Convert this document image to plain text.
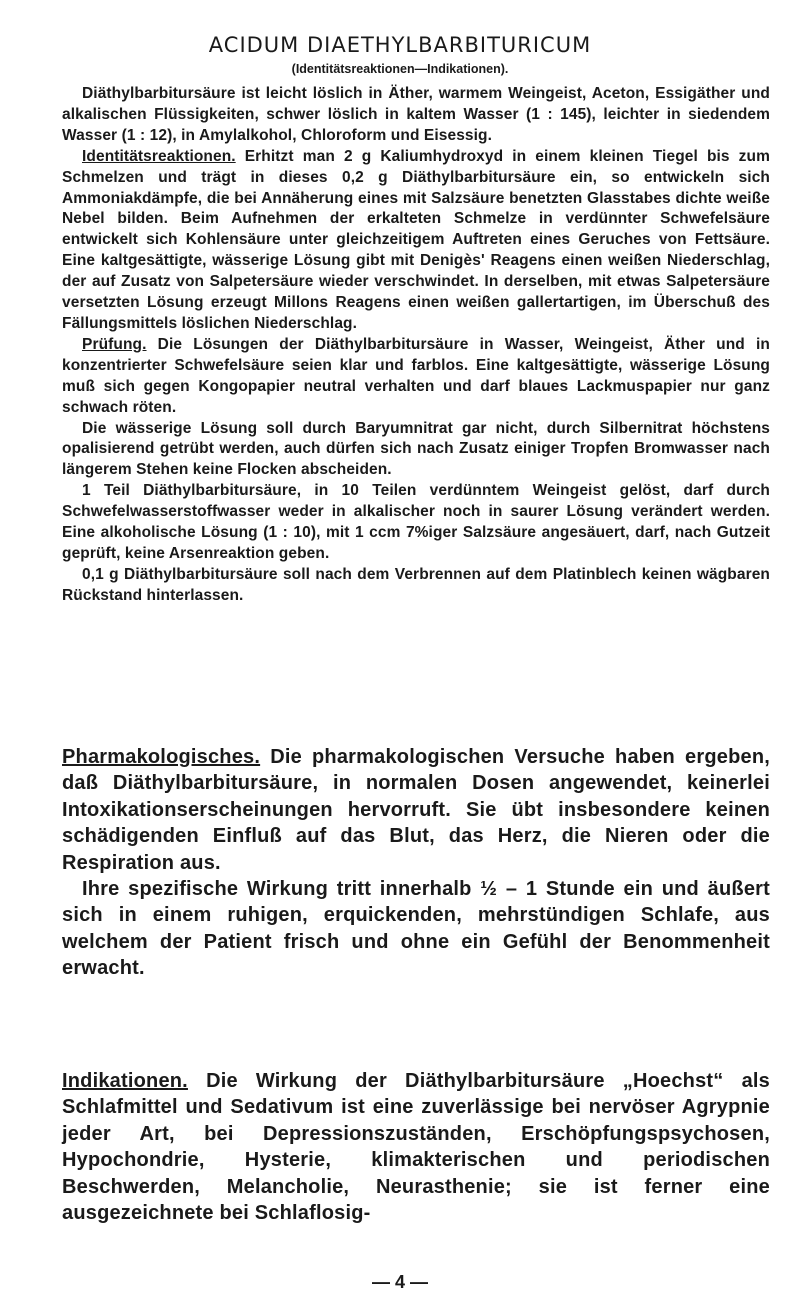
ACIDUM DIAETHYLBARBITURICUM
(Identitätsreaktionen—Indikationen).

Diäthylbarbitursäure ist leicht löslich in Äther, warmem Weingeist, Aceton, Essigäther und alkalischen Flüssigkeiten, schwer löslich in kaltem Wasser (1 : 145), leichter in siedendem Wasser (1 : 12), in Amylalkohol, Chloroform und Eisessig.

Identitätsreaktionen. Erhitzt man 2 g Kaliumhydroxyd in einem kleinen Tiegel bis zum Schmelzen und trägt in dieses 0,2 g Diäthylbarbitursäure ein, so entwickeln sich Ammoniakdämpfe, die bei Annäherung eines mit Salzsäure benetzten Glasstabes dichte weiße Nebel bilden. Beim Aufnehmen der erkalteten Schmelze in verdünnter Schwefelsäure entwickelt sich Kohlensäure unter gleichzeitigem Auftreten eines Geruches von Fettsäure. Eine kaltgesättigte, wässerige Lösung gibt mit Denigès' Reagens einen weißen Niederschlag, der auf Zusatz von Salpetersäure wieder verschwindet. In derselben, mit etwas Salpetersäure versetzten Lösung erzeugt Millons Reagens einen weißen gallertartigen, im Überschuß des Fällungsmittels löslichen Niederschlag.

Prüfung. Die Lösungen der Diäthylbarbitursäure in Wasser, Weingeist, Äther und in konzentrierter Schwefelsäure seien klar und farblos. Eine kaltgesättigte, wässerige Lösung muß sich gegen Kongopapier neutral verhalten und darf blaues Lackmuspapier nur ganz schwach röten.

Die wässerige Lösung soll durch Baryumnitrat gar nicht, durch Silbernitrat höchstens opalisierend getrübt werden, auch dürfen sich nach Zusatz einiger Tropfen Bromwasser nach längerem Stehen keine Flocken abscheiden.

1 Teil Diäthylbarbitursäure, in 10 Teilen verdünntem Weingeist gelöst, darf durch Schwefelwasserstoffwasser weder in alkalischer noch in saurer Lösung verändert werden. Eine alkoholische Lösung (1 : 10), mit 1 ccm 7%iger Salzsäure angesäuert, darf, nach Gutzeit geprüft, keine Arsenreaktion geben.

0,1 g Diäthylbarbitursäure soll nach dem Verbrennen auf dem Platinblech keinen wägbaren Rückstand hinterlassen.

Pharmakologisches. Die pharmakologischen Versuche haben ergeben, daß Diäthylbarbitursäure, in normalen Dosen angewendet, keinerlei Intoxikationserscheinungen hervorruft. Sie übt insbesondere keinen schädigenden Einfluß auf das Blut, das Herz, die Nieren oder die Respiration aus.

Ihre spezifische Wirkung tritt innerhalb ½ – 1 Stunde ein und äußert sich in einem ruhigen, erquickenden, mehrstündigen Schlafe, aus welchem der Patient frisch und ohne ein Gefühl der Benommenheit erwacht.

Indikationen. Die Wirkung der Diäthylbarbitursäure „Hoechst“ als Schlafmittel und Sedativum ist eine zuverlässige bei nervöser Agrypnie jeder Art, bei Depressionszuständen, Erschöpfungspsychosen, Hypochondrie, Hysterie, klimakterischen und periodischen Beschwerden, Melancholie, Neurasthenie; sie ist ferner eine ausgezeichnete bei Schlaflosig-

— 4 —
